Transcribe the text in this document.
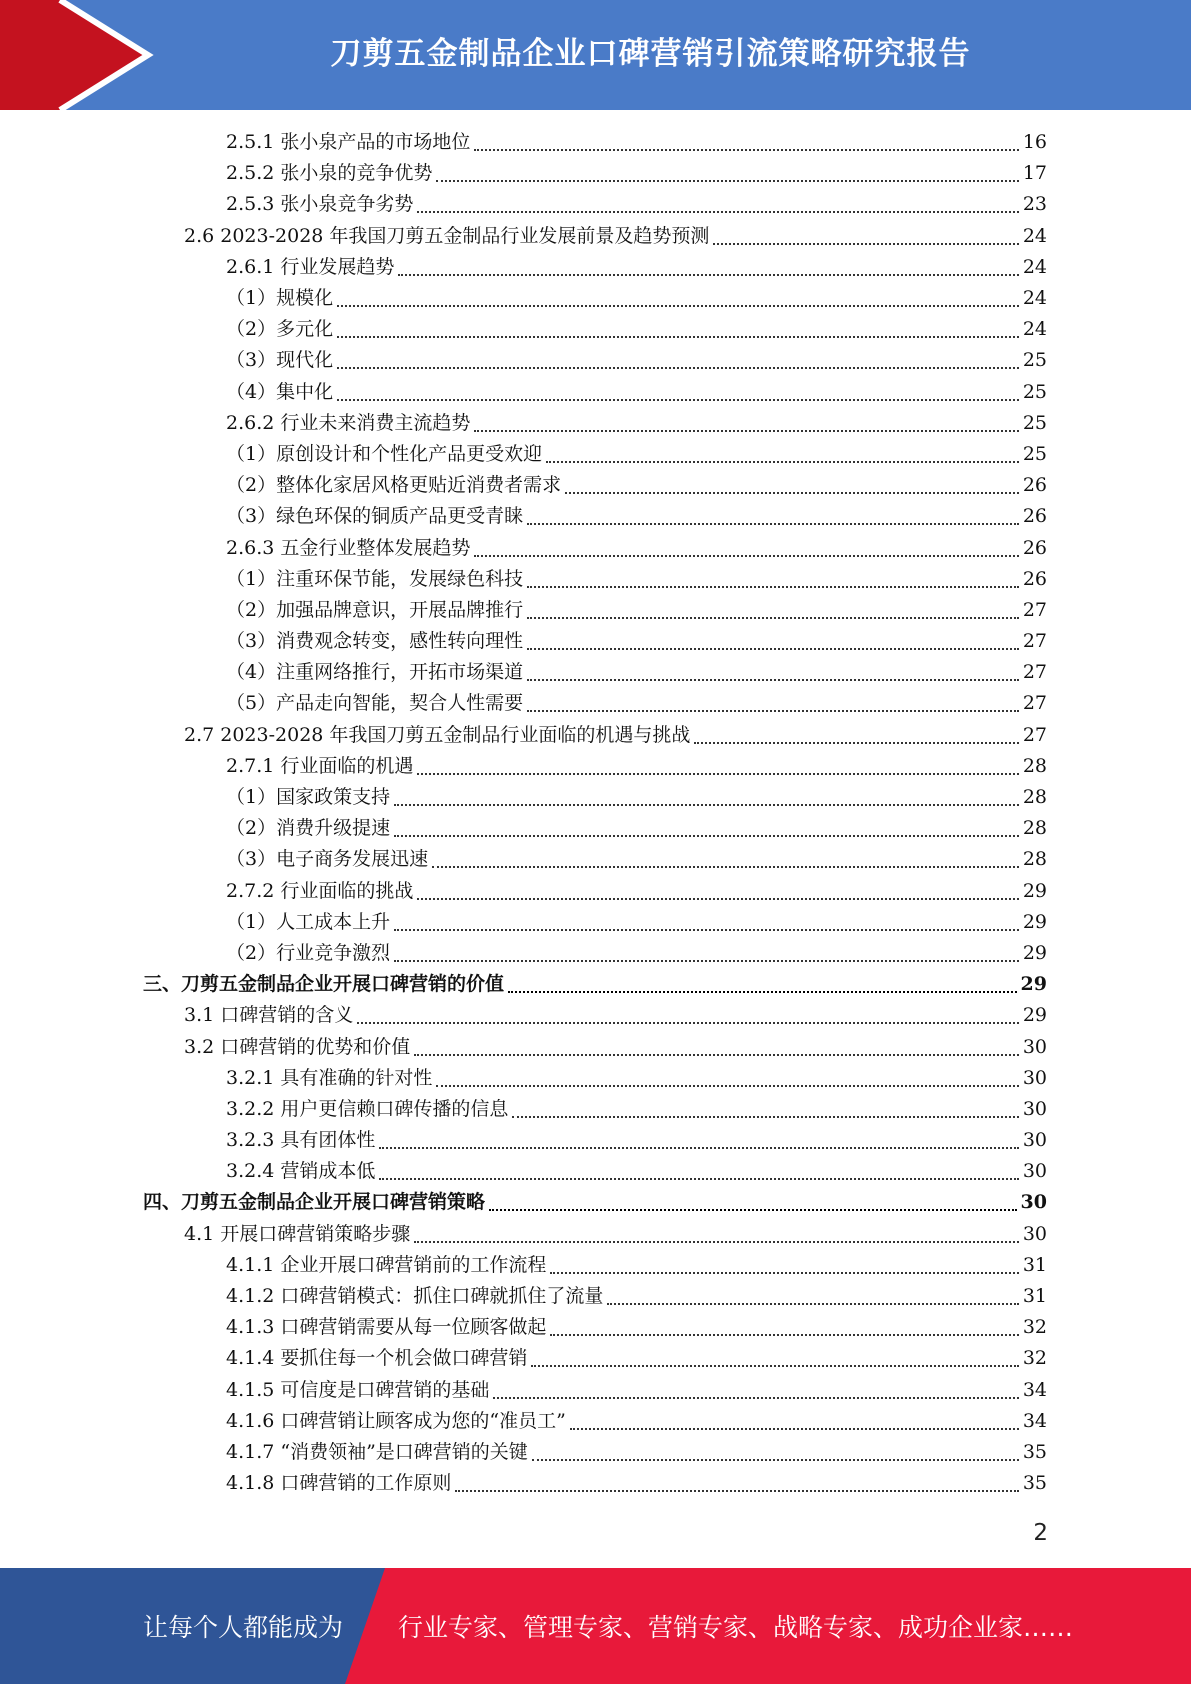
刀剪五金制品企业口碑营销引流策略研究报告
2.5.1 张小泉产品的市场地位	16
2.5.2 张小泉的竞争优势	17
2.5.3 张小泉竞争劣势	23
2.6 2023-2028 年我国刀剪五金制品行业发展前景及趋势预测	24
2.6.1 行业发展趋势	24
（1）规模化	24
（2）多元化	24
（3）现代化	25
（4）集中化	25
2.6.2 行业未来消费主流趋势	25
（1）原创设计和个性化产品更受欢迎	25
（2）整体化家居风格更贴近消费者需求	26
（3）绿色环保的铜质产品更受青睐	26
2.6.3 五金行业整体发展趋势	26
（1）注重环保节能，发展绿色科技	26
（2）加强品牌意识，开展品牌推行	27
（3）消费观念转变，感性转向理性	27
（4）注重网络推行，开拓市场渠道	27
（5）产品走向智能，契合人性需要	27
2.7 2023-2028 年我国刀剪五金制品行业面临的机遇与挑战	27
2.7.1 行业面临的机遇	28
（1）国家政策支持	28
（2）消费升级提速	28
（3）电子商务发展迅速	28
2.7.2 行业面临的挑战	29
（1）人工成本上升	29
（2）行业竞争激烈	29
三、刀剪五金制品企业开展口碑营销的价值	29
3.1 口碑营销的含义	29
3.2 口碑营销的优势和价值	30
3.2.1 具有准确的针对性	30
3.2.2 用户更信赖口碑传播的信息	30
3.2.3 具有团体性	30
3.2.4 营销成本低	30
四、刀剪五金制品企业开展口碑营销策略	30
4.1 开展口碑营销策略步骤	30
4.1.1 企业开展口碑营销前的工作流程	31
4.1.2 口碑营销模式：抓住口碑就抓住了流量	31
4.1.3 口碑营销需要从每一位顾客做起	32
4.1.4 要抓住每一个机会做口碑营销	32
4.1.5 可信度是口碑营销的基础	34
4.1.6 口碑营销让顾客成为您的“准员工”	34
4.1.7 “消费领袖”是口碑营销的关键	35
4.1.8 口碑营销的工作原则	35
2
让每个人都能成为 行业专家、管理专家、营销专家、战略专家、成功企业家……
